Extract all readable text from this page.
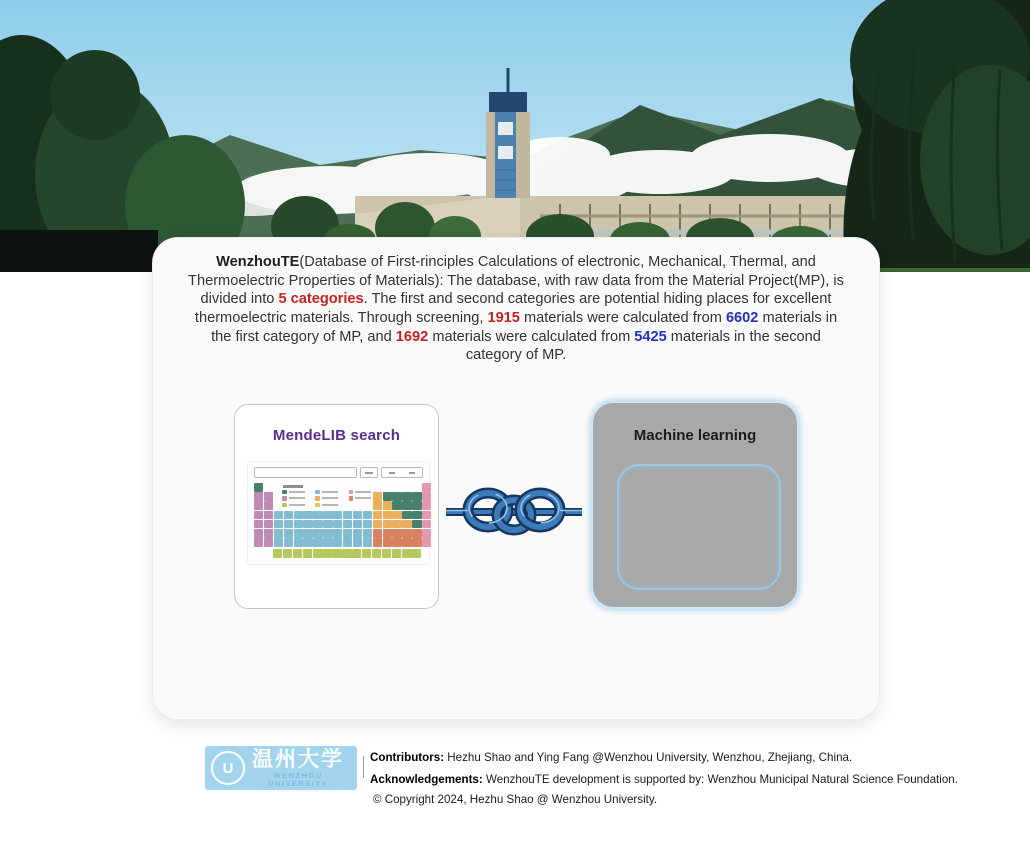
WenzhouTE(Database of First-rinciples Calculations of electronic, Mechanical, Thermal, and Thermoelectric Properties of Materials): The database, with raw data from the Material Project(MP), is divided into 5 categories. The first and second categories are potential hiding places for excellent thermoelectric materials. Through screening, 1915 materials were calculated from 6602 materials in the first category of MP, and 1692 materials were calculated from 5425 materials in the second category of MP.

MendeLIB search	Machine learning
U 温州大学
WENZHOU UNIVERSITY

Contributors: Hezhu Shao and Ying Fang @Wenzhou University, Wenzhou, Zhejiang, China.

Acknowledgements: WenzhouTE development is supported by: Wenzhou Municipal Natural Science Foundation.

© Copyright 2024, Hezhu Shao @ Wenzhou University.
